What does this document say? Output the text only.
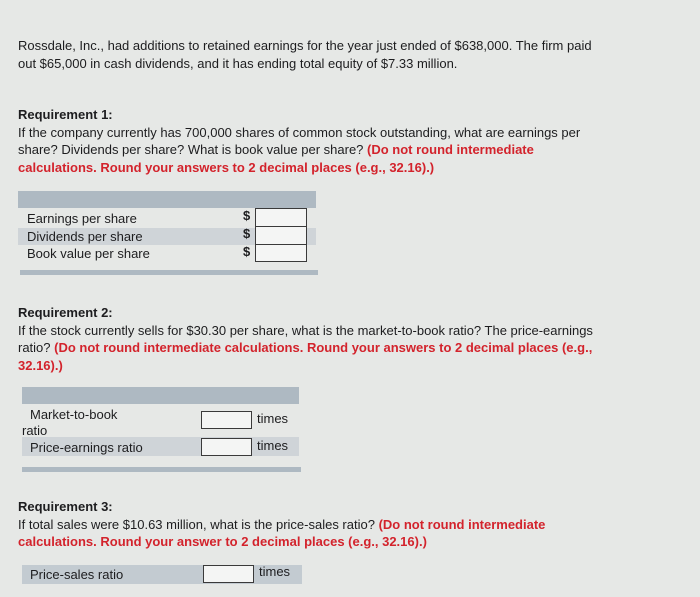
Rossdale, Inc., had additions to retained earnings for the year just ended of $638,000. The firm paid out $65,000 in cash dividends, and it has ending total equity of $7.33 million.
Requirement 1:
If the company currently has 700,000 shares of common stock outstanding, what are earnings per share? Dividends per share? What is book value per share? (Do not round intermediate calculations. Round your answers to 2 decimal places (e.g., 32.16).)
Earnings per share
Dividends per share
Book value per share
$
$
$
Requirement 2:
If the stock currently sells for $30.30 per share, what is the market-to-book ratio? The price-earnings ratio? (Do not round intermediate calculations. Round your answers to 2 decimal places (e.g., 32.16).)
Market-to-book
ratio
Price-earnings ratio
times
times
Requirement 3:
If total sales were $10.63 million, what is the price-sales ratio? (Do not round intermediate calculations. Round your answer to 2 decimal places (e.g., 32.16).)
Price-sales ratio	times
